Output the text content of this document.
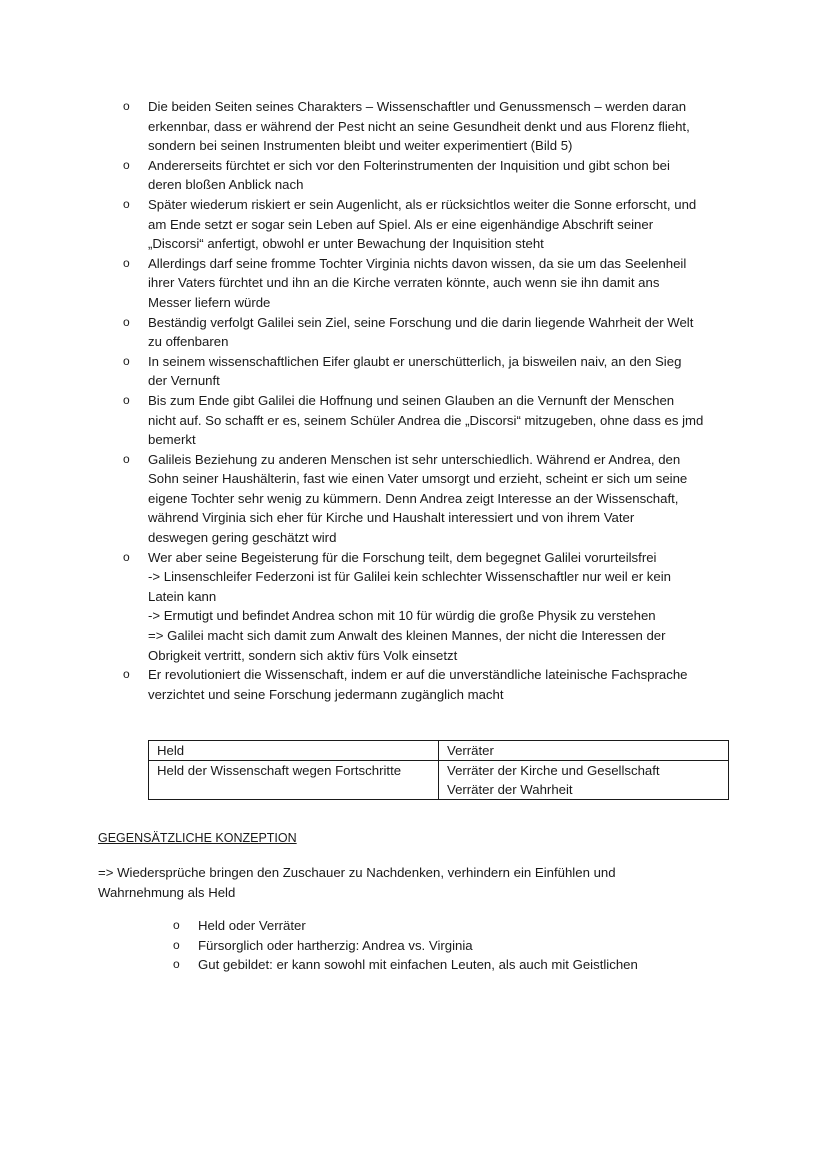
o Die beiden Seiten seines Charakters – Wissenschaftler und Genussmensch – werden daran
erkennbar, dass er während der Pest nicht an seine Gesundheit denkt und aus Florenz flieht,
sondern bei seinen Instrumenten bleibt und weiter experimentiert (Bild 5)
o Andererseits fürchtet er sich vor den Folterinstrumenten der Inquisition und gibt schon bei
deren bloßen Anblick nach
o Später wiederum riskiert er sein Augenlicht, als er rücksichtlos weiter die Sonne erforscht, und
am Ende setzt er sogar sein Leben auf Spiel. Als er eine eigenhändige Abschrift seiner
„Discorsi“ anfertigt, obwohl er unter Bewachung der Inquisition steht
o Allerdings darf seine fromme Tochter Virginia nichts davon wissen, da sie um das Seelenheil
ihrer Vaters fürchtet und ihn an die Kirche verraten könnte, auch wenn sie ihn damit ans
Messer liefern würde
o Beständig verfolgt Galilei sein Ziel, seine Forschung und die darin liegende Wahrheit der Welt
zu offenbaren
o In seinem wissenschaftlichen Eifer glaubt er unerschütterlich, ja bisweilen naiv, an den Sieg
der Vernunft
o Bis zum Ende gibt Galilei die Hoffnung und seinen Glauben an die Vernunft der Menschen
nicht auf. So schafft er es, seinem Schüler Andrea die „Discorsi“ mitzugeben, ohne dass es jmd
bemerkt
o Galileis Beziehung zu anderen Menschen ist sehr unterschiedlich. Während er Andrea, den
Sohn seiner Haushälterin, fast wie einen Vater umsorgt und erzieht, scheint er sich um seine
eigene Tochter sehr wenig zu kümmern. Denn Andrea zeigt Interesse an der Wissenschaft,
während Virginia sich eher für Kirche und Haushalt interessiert und von ihrem Vater
deswegen gering geschätzt wird
o Wer aber seine Begeisterung für die Forschung teilt, dem begegnet Galilei vorurteilsfrei
-> Linsenschleifer Federzoni ist für Galilei kein schlechter Wissenschaftler nur weil er kein
Latein kann
-> Ermutigt und befindet Andrea schon mit 10 für würdig die große Physik zu verstehen
=> Galilei macht sich damit zum Anwalt des kleinen Mannes, der nicht die Interessen der
Obrigkeit vertritt, sondern sich aktiv fürs Volk einsetzt
o Er revolutioniert die Wissenschaft, indem er auf die unverständliche lateinische Fachsprache
verzichtet und seine Forschung jedermann zugänglich macht
Held	Verräter
Held der Wissenschaft wegen Fortschritte	Verräter der Kirche und Gesellschaft
Verräter der Wahrheit
GEGENSÄTZLICHE KONZEPTION
=> Wiedersprüche bringen den Zuschauer zu Nachdenken, verhindern ein Einfühlen und
Wahrnehmung als Held
o Held oder Verräter
o Fürsorglich oder hartherzig: Andrea vs. Virginia
o Gut gebildet: er kann sowohl mit einfachen Leuten, als auch mit Geistlichen
